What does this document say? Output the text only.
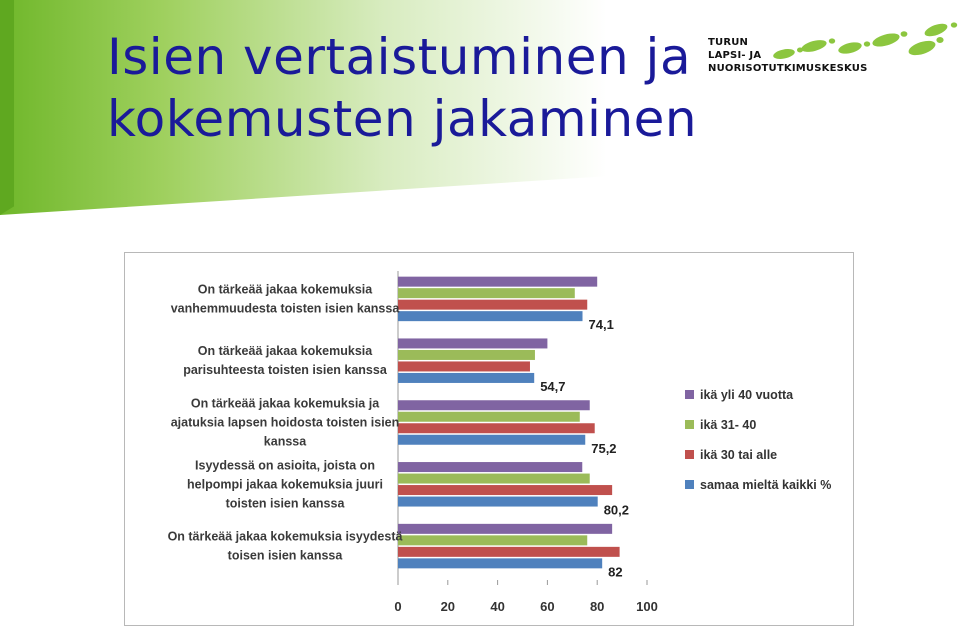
Isien vertaistuminen ja
kokemusten jakaminen
TURUN
LAPSI- JA
NUORISOTUTKIMUSKESKUS
0	20	40	60	80 100
74,1
On tärkeää jakaa kokemuksia vanhemmuudesta toisten isien kanssa
54,7
On tärkeää jakaa kokemuksia parisuhteesta toisten isien kanssa
75,2
On tärkeää jakaa kokemuksia ja ajatuksia lapsen hoidosta toisten isien kanssa
80,2
Isyydessä on asioita, joista on helpompi jakaa kokemuksia juuri toisten isien kanssa
82
On tärkeää jakaa kokemuksia isyydestä toisen isien kanssa
ikä yli 40 vuotta
ikä 31- 40
ikä 30 tai alle
samaa mieltä kaikki %
